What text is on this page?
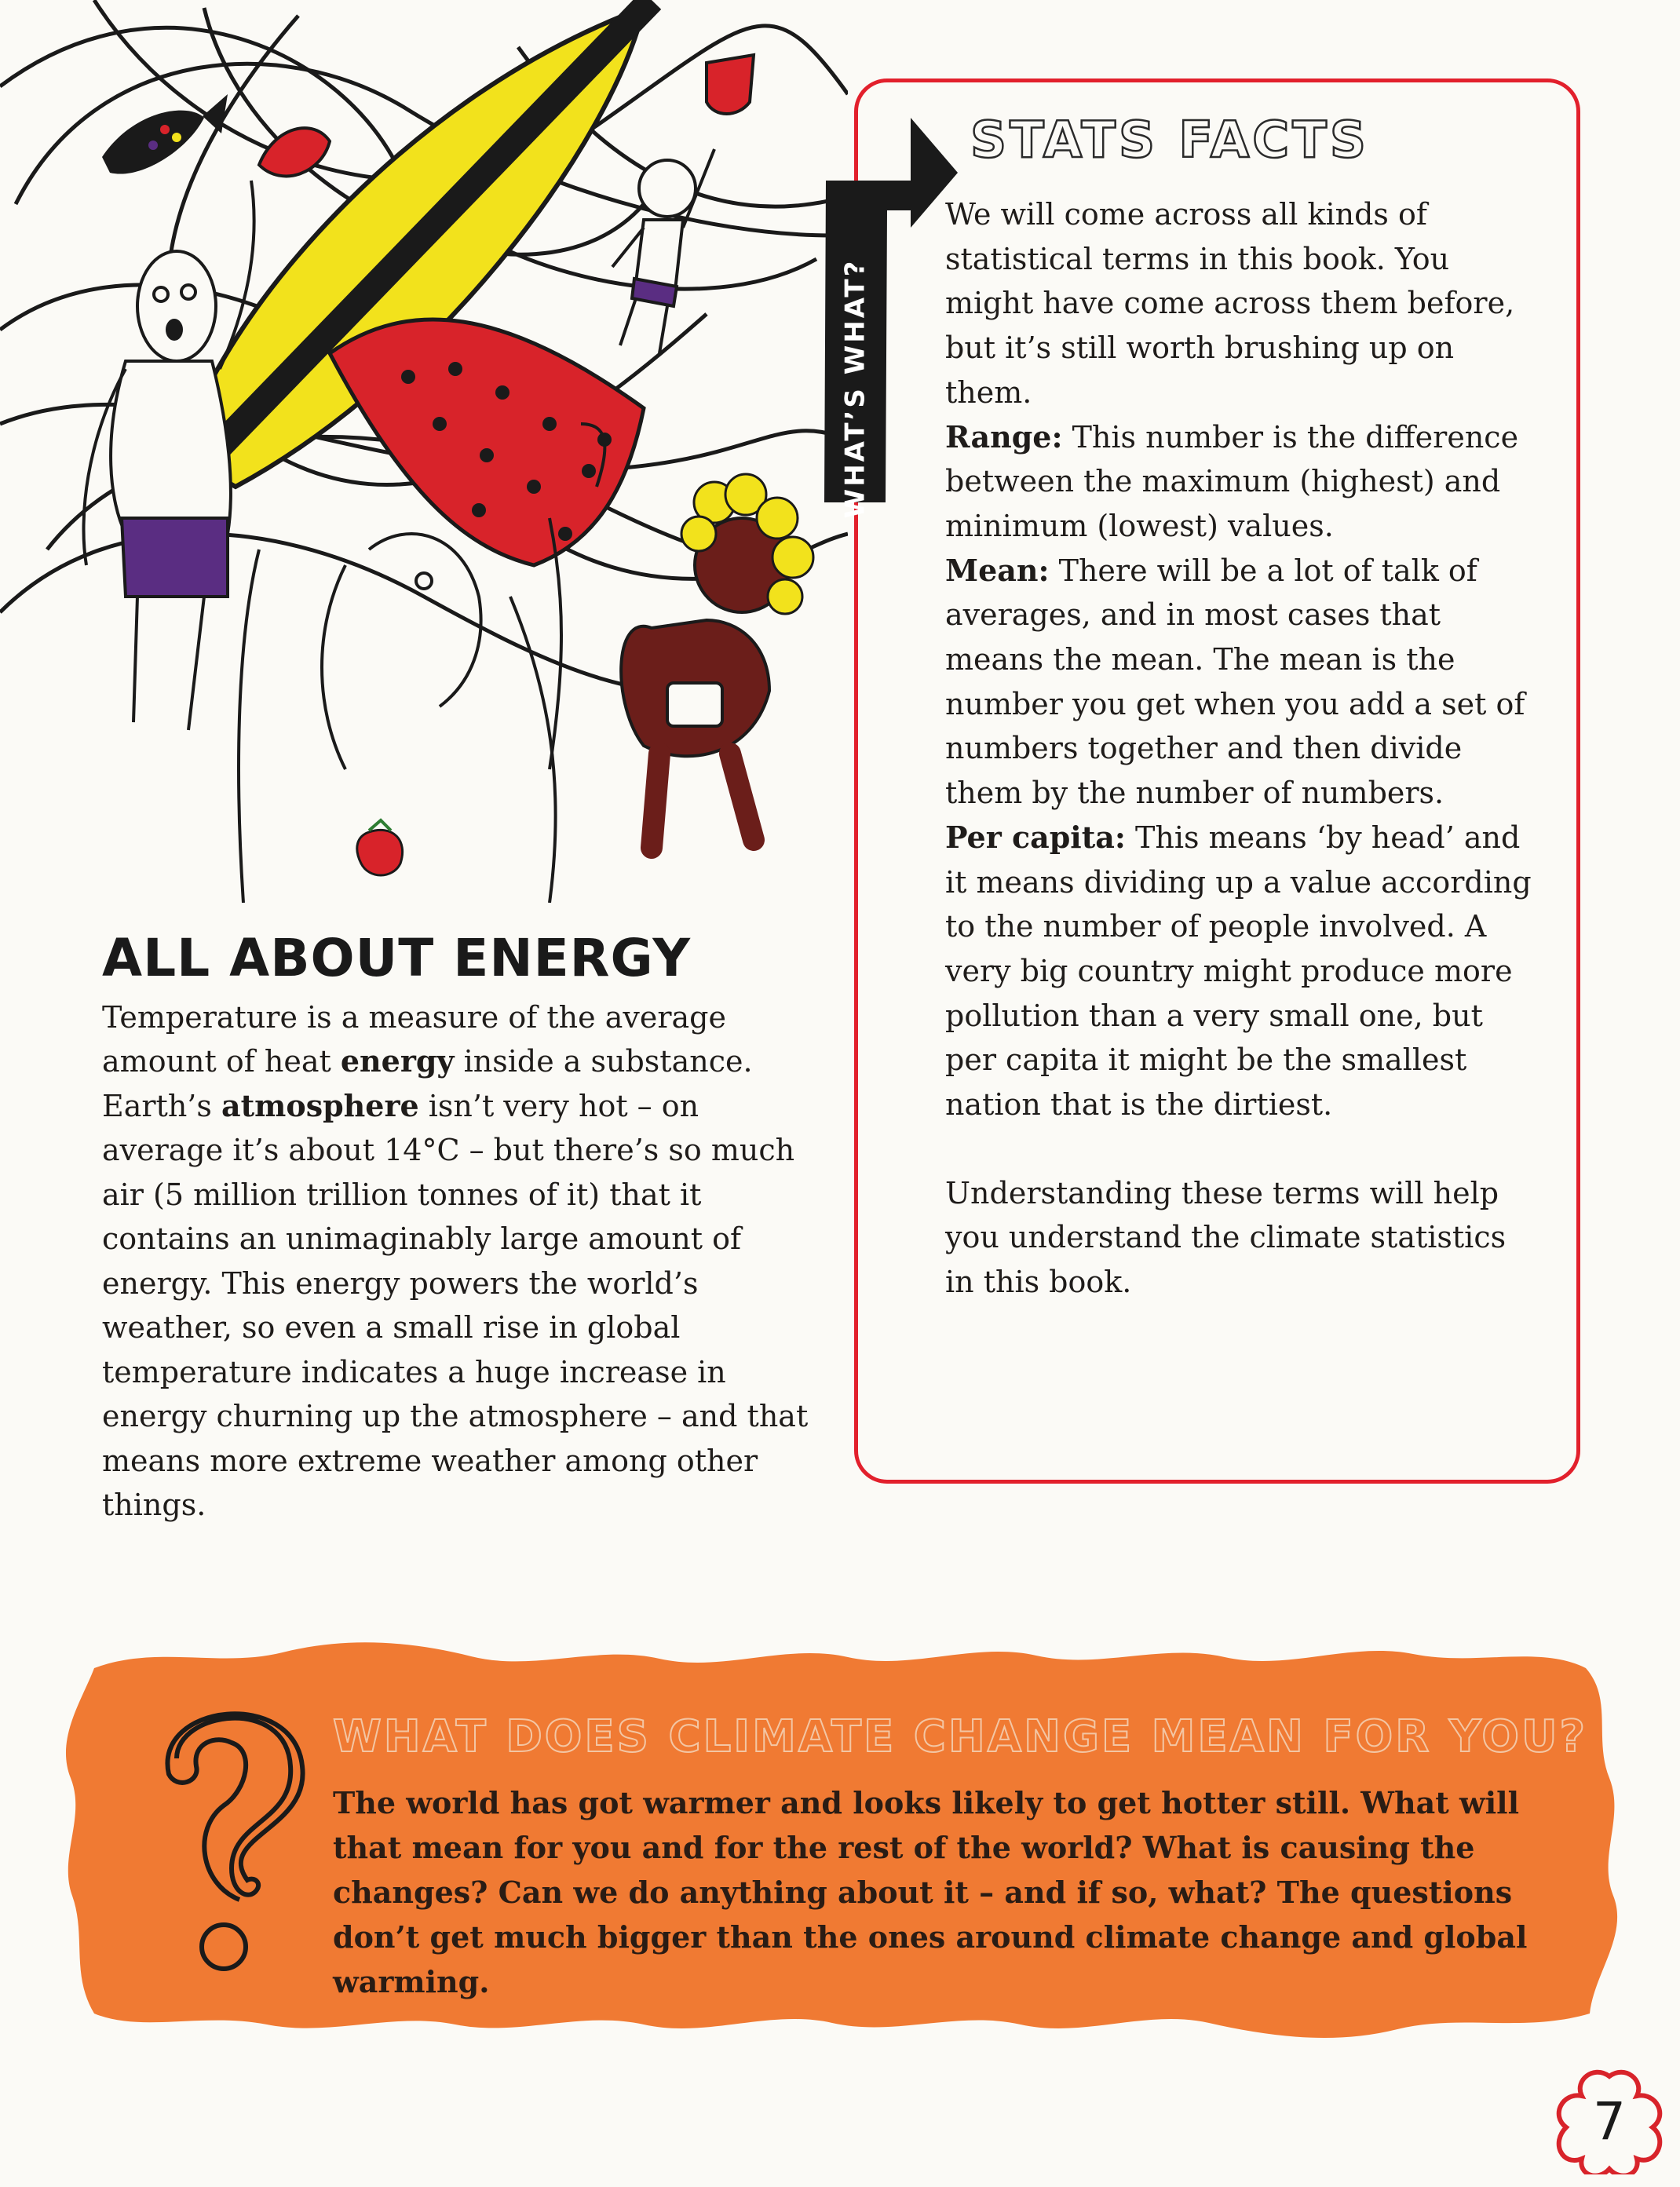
ALL ABOUT ENERGY

Temperature is a measure of the average amount of heat energy inside a substance. Earth’s atmosphere isn’t very hot – on average it’s about 14°C – but there’s so much air (5 million trillion tonnes of it) that it contains an unimaginably large amount of energy. This energy powers the world’s weather, so even a small rise in global temperature indicates a huge increase in energy churning up the atmosphere – and that means more extreme weather among other things.

WHAT’S WHAT?
STATS FACTS

We will come across all kinds of statistical terms in this book. You might have come across them before, but it’s still worth brushing up on them.

Range: This number is the difference between the maximum (highest) and minimum (lowest) values.

Mean: There will be a lot of talk of averages, and in most cases that means the mean. The mean is the number you get when you add a set of numbers together and then divide them by the number of numbers.

Per capita: This means ‘by head’ and it means dividing up a value according to the number of people involved. A very big country might produce more pollution than a very small one, but per capita it might be the smallest nation that is the dirtiest.

Understanding these terms will help you understand the climate statistics in this book.

WHAT DOES CLIMATE CHANGE MEAN FOR YOU?

The world has got warmer and looks likely to get hotter still. What will that mean for you and for the rest of the world? What is causing the changes? Can we do anything about it – and if so, what? The questions don’t get much bigger than the ones around climate change and global warming.

7
